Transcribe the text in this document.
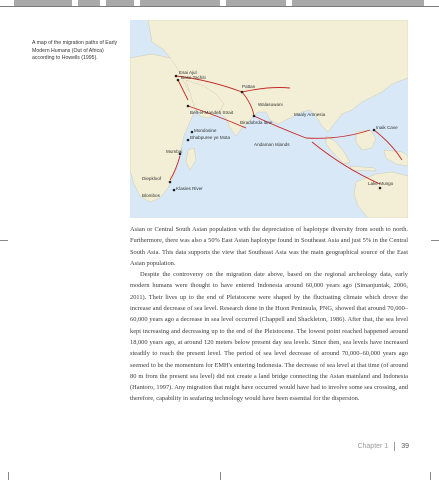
A map of the migration paths of Early Modern Humans (Out of Africa) according to Howells (1995).
Esai Ajul
Bose Tachiti
Pattan
Walasuwani
Belt-el-Mandeb Strait	Maaly Amnesia
Inaik Cave
Mondosine
Bhabpuree ye Mota
Mumbai
Biradobrda lane
Andaman Islands
Diepkloof
Klasies River
Blombos
Lake Mungo

Asian or Central South Asian population with the depreciation of haplotype diversity from south to north. Furthermore, there was also a 50% East Asian haplotype found in Southeast Asia and just 5% in the Central South Asia. This data supports the view that Southeast Asia was the main geographical source of the East Asian population.

Despite the controversy on the migration date above, based on the regional archeology data, early modern humans were thought to have entered Indonesia around 60,000 years ago (Simanjuntak, 2006, 2011). Their lives up to the end of Pleistocene were shaped by the fluctuating climate which drove the increase and decrease of sea level. Research done in the Huon Peninsula, PNG, showed that around 70,000–60,000 years ago a decrease in sea level occurred (Chappell and Shackleton, 1986). After that, the sea level kept increasing and decreasing up to the end of the Pleistocene. The lowest point reached happened around 18,000 years ago, at around 120 meters below present day sea levels. Since then, sea levels have increased steadily to reach the present level. The period of sea level decrease of around 70,000–60,000 years ago seemed to be the momentum for EMH's entering Indonesia. The decrease of sea level at that time (of around 80 m from the present sea level) did not create a land bridge connecting the Asian mainland and Indonesia (Hantoro, 1997). Any migration that might have occurred would have had to involve some sea crossing, and therefore, capability in seafaring technology would have been essential for the dispersion.

Chapter 1 39
